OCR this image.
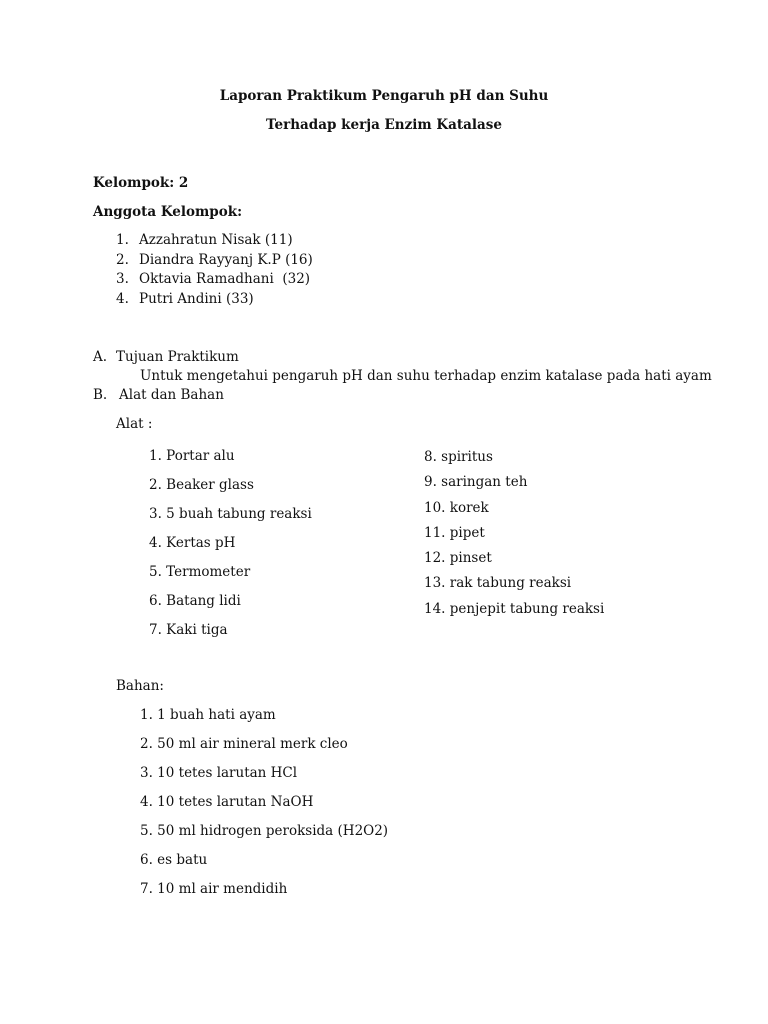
Laporan Praktikum Pengaruh pH dan Suhu
Terhadap kerja Enzim Katalase
Kelompok: 2
Anggota Kelompok:
1. Azzahratun Nisak (11)
2. Diandra Rayyanj K.P (16)
3. Oktavia Ramadhani  (32)
4. Putri Andini (33)
A. Tujuan Praktikum
Untuk mengetahui pengaruh pH dan suhu terhadap enzim katalase pada hati ayam
B. Alat dan Bahan
Alat :
1. Portar alu
2. Beaker glass
3. 5 buah tabung reaksi
4. Kertas pH
5. Termometer
6. Batang lidi
7. Kaki tiga
8. spiritus
9. saringan teh
10. korek
11. pipet
12. pinset
13. rak tabung reaksi
14. penjepit tabung reaksi
Bahan:
1. 1 buah hati ayam
2. 50 ml air mineral merk cleo
3. 10 tetes larutan HCl
4. 10 tetes larutan NaOH
5. 50 ml hidrogen peroksida (H2O2)
6. es batu
7. 10 ml air mendidih
